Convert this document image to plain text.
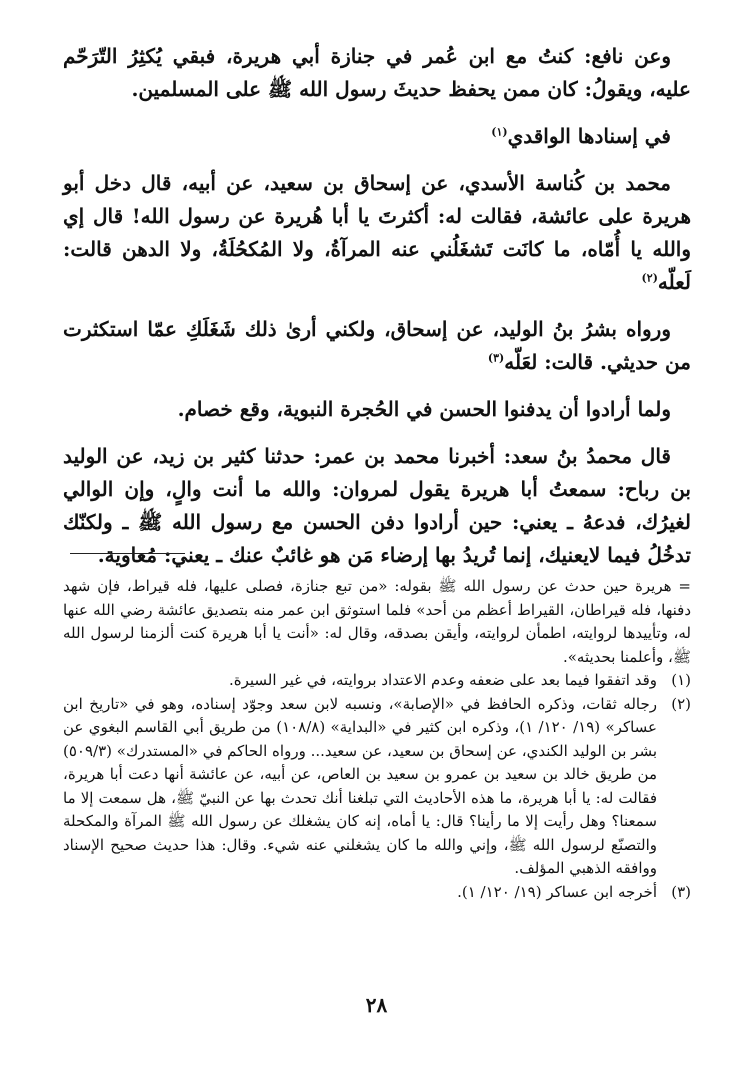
وعن نافع: كنتُ مع ابن عُمر في جنازة أبي هريرة، فبقي يُكثِرُ التّرَحّم عليه، ويقولُ: كان ممن يحفظ حديثَ رسول الله ﷺ على المسلمين.

في إسنادها الواقدي$^{(١)}$

محمد بن كُناسة الأسدي، عن إسحاق بن سعيد، عن أبيه، قال دخل أبو هريرة على عائشة، فقالت له: أكثرتَ يا أبا هُريرة عن رسول الله! قال إي والله يا أُمّاه، ما كانَت تَشغَلُني عنه المرآةُ، ولا المُكحُلَةُ، ولا الدهن قالت: لَعلّه$^{(٢)}$

ورواه بشرُ بنُ الوليد، عن إسحاق، ولكني أرىٰ ذلك شَغَلَكِ عمّا استكثرت من حديثي. قالت: لعَلّه$^{(٣)}$

ولما أرادوا أن يدفنوا الحسن في الحُجرة النبوية، وقع خصام.

قال محمدُ بنُ سعد: أخبرنا محمد بن عمر: حدثنا كثير بن زيد، عن الوليد بن رباح: سمعتُ أبا هريرة يقول لمروان: والله ما أنت والٍ، وإن الوالي لغيرُك، فدعهُ ـ يعني: حين أرادوا دفن الحسن مع رسول الله ﷺ ـ ولكنّك تدخُلُ فيما لايعنيك، إنما تُريدُ بها إرضاء مَن هو غائبٌ عنك ـ يعني: مُعاوية.

= هريرة حين حدث عن رسول الله ﷺ بقوله: «من تبع جنازة، فصلى عليها، فله قيراط، فإن شهد دفنها، فله قيراطان، القيراط أعظم من أحد» فلما استوثق ابن عمر منه بتصديق عائشة رضي الله عنها له، وتأييدها لروايته، اطمأن لروايته، وأيقن بصدقه، وقال له: «أنت يا أبا هريرة كنت ألزمنا لرسول الله ﷺ، وأعلمنا بحديثه».

(١)
وقد اتفقوا فيما بعد على ضعفه وعدم الاعتداد بروايته، في غير السيرة.
(٢)
رجاله ثقات، وذكره الحافظ في «الإصابة»، ونسبه لابن سعد وجوّد إسناده، وهو في «تاريخ ابن عساكر» (١٩/ ١٢٠/ ١)، وذكره ابن كثير في «البداية» (١٠٨/٨) من طريق أبي القاسم البغوي عن بشر بن الوليد الكندي، عن إسحاق بن سعيد، عن سعيد... ورواه الحاكم في «المستدرك» (٥٠٩/٣) من طريق خالد بن سعيد بن عمرو بن سعيد بن العاص، عن أبيه، عن عائشة أنها دعت أبا هريرة، فقالت له: يا أبا هريرة، ما هذه الأحاديث التي تبلغنا أنك تحدث بها عن النبيّ ﷺ، هل سمعت إلا ما سمعنا؟ وهل رأيت إلا ما رأينا؟ قال: يا أماه، إنه كان يشغلك عن رسول الله ﷺ المرآة والمكحلة والتصنّع لرسول الله ﷺ، وإني والله ما كان يشغلني عنه شيء. وقال: هذا حديث صحيح الإسناد ووافقه الذهبي المؤلف.
(٣)
أخرجه ابن عساكر (١٩/ ١٢٠/ ١).
٢٨
